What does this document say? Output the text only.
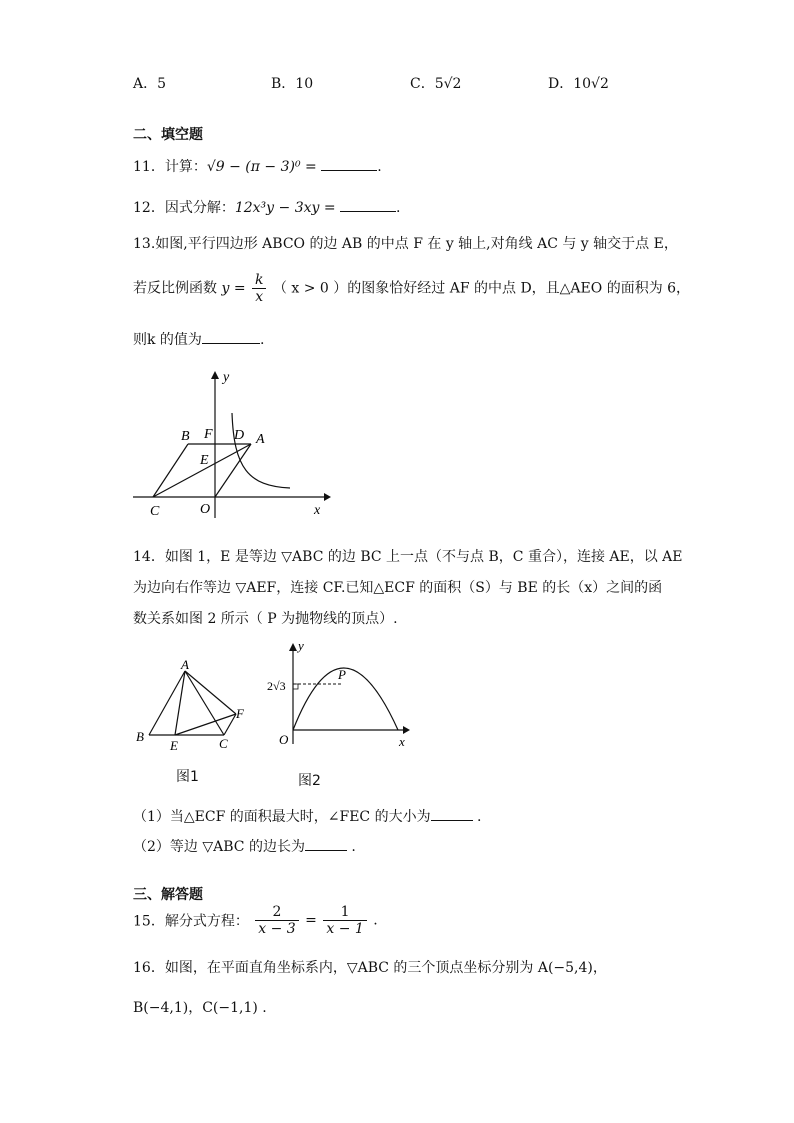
A．5	B．10	C．5√2	D．10√2
二、填空题
11．计算：√9 − (π − 3)⁰ =	.
12．因式分解：12x³y − 3xy =	.
13.如图,平行四边形 ABCO 的边 AB 的中点 F 在 y 轴上,对角线 AC 与 y 轴交于点 E，
若反比例函数 $y = \frac{k}{x}$ （ x > 0 ）的图象恰好经过 AF 的中点 D，且△AEO 的面积为 6，
则k 的值为	.
y
x
B F D A
E
C	O
14．如图 1，E 是等边 ▽ABC 的边 BC 上一点（不与点 B，C 重合），连接 AE，以 AE
为边向右作等边 ▽AEF，连接 CF.已知△ECF 的面积（S）与 BE 的长（x）之间的函
数关系如图 2 所示（ P 为抛物线的顶点）.
A
B
E	C
F
图1
y
x
O
P
2√3
图2
（1）当△ECF 的面积最大时，∠FEC 的大小为	.
（2）等边 ▽ABC 的边长为	.
三、解答题
15．解分式方程： $\frac{2}{x - 3} = \frac{1}{x - 1}$ .
16．如图，在平面直角坐标系内，▽ABC 的三个顶点坐标分别为 A(−5,4)，
B(−4,1)，C(−1,1) .
